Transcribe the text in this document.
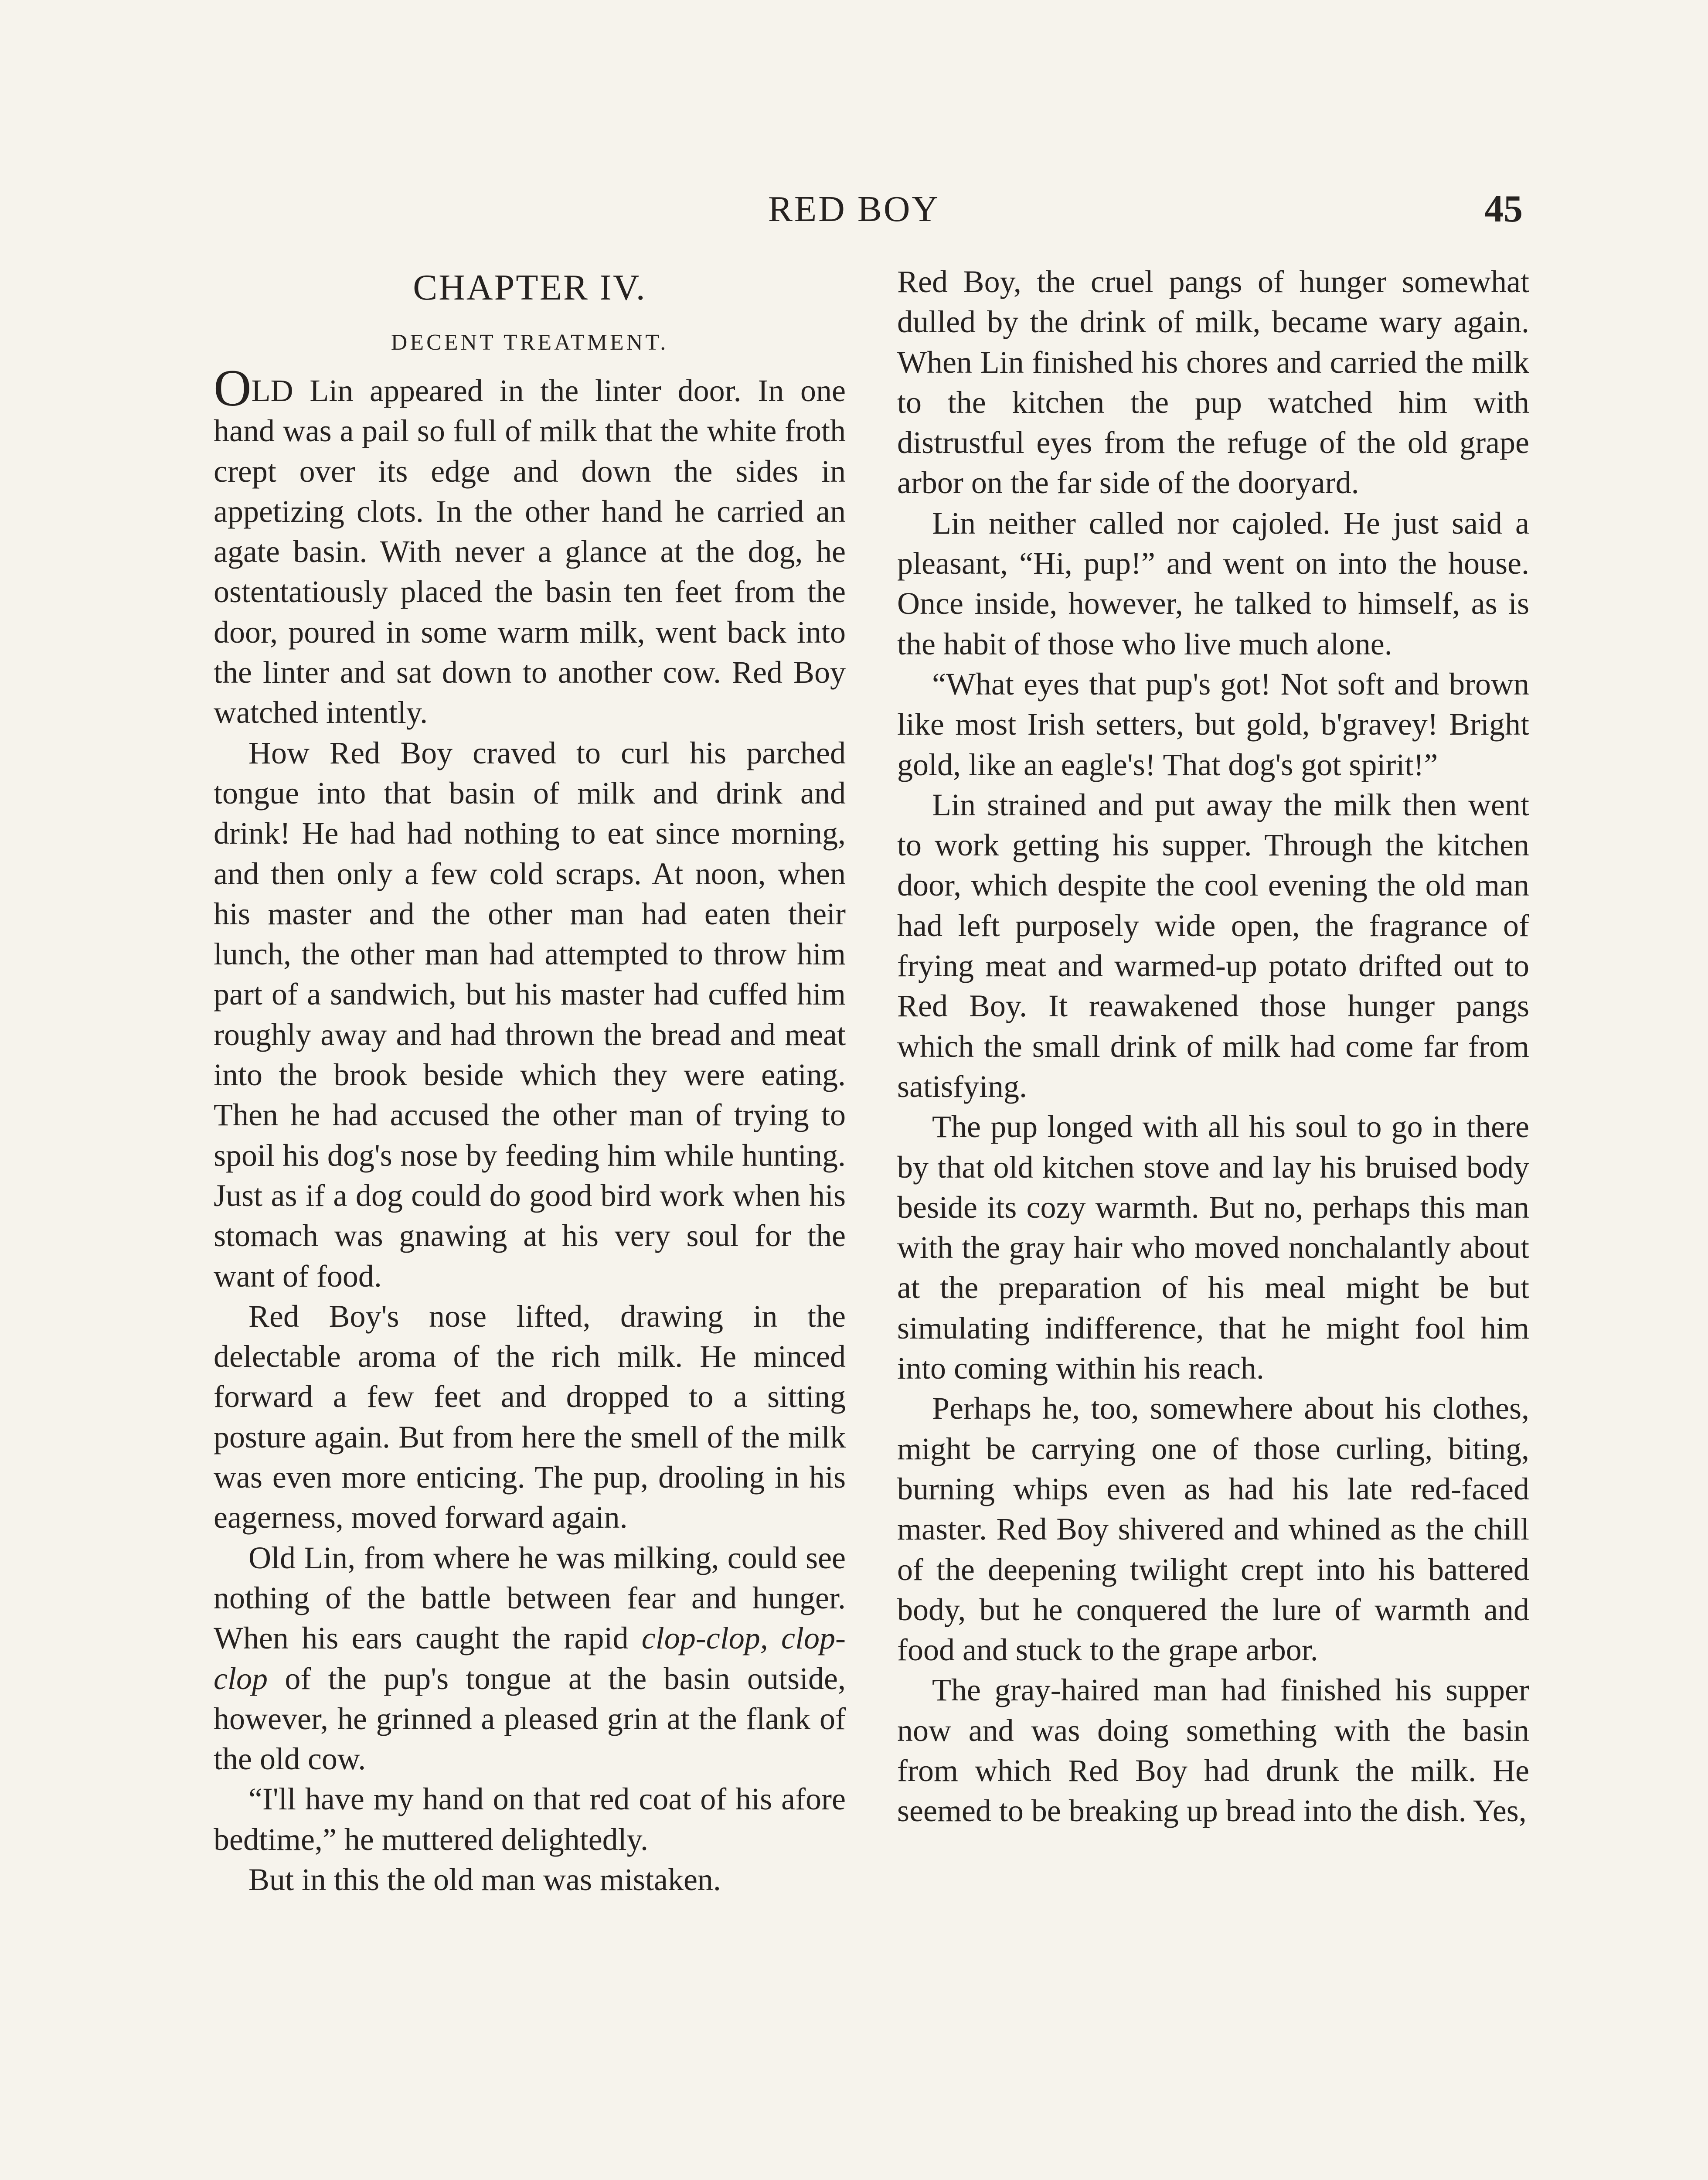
RED BOY	45
CHAPTER IV.
DECENT TREATMENT.

OLD Lin appeared in the linter door. In one hand was a pail so full of milk that the white froth crept over its edge and down the sides in appetizing clots. In the other hand he carried an agate basin. With never a glance at the dog, he ostentatiously placed the basin ten feet from the door, poured in some warm milk, went back into the linter and sat down to another cow. Red Boy watched intently.

How Red Boy craved to curl his parched tongue into that basin of milk and drink and drink! He had had nothing to eat since morning, and then only a few cold scraps. At noon, when his master and the other man had eaten their lunch, the other man had attempted to throw him part of a sandwich, but his master had cuffed him roughly away and had thrown the bread and meat into the brook beside which they were eating. Then he had accused the other man of trying to spoil his dog's nose by feeding him while hunting. Just as if a dog could do good bird work when his stomach was gnawing at his very soul for the want of food.

Red Boy's nose lifted, drawing in the delectable aroma of the rich milk. He minced forward a few feet and dropped to a sitting posture again. But from here the smell of the milk was even more enticing. The pup, drooling in his eagerness, moved forward again.

Old Lin, from where he was milking, could see nothing of the battle between fear and hunger. When his ears caught the rapid clop-clop, clop-clop of the pup's tongue at the basin outside, however, he grinned a pleased grin at the flank of the old cow.

“I'll have my hand on that red coat of his afore bedtime,” he muttered delightedly.

But in this the old man was mistaken.

Red Boy, the cruel pangs of hunger somewhat dulled by the drink of milk, became wary again. When Lin finished his chores and carried the milk to the kitchen the pup watched him with distrustful eyes from the refuge of the old grape arbor on the far side of the dooryard.

Lin neither called nor cajoled. He just said a pleasant, “Hi, pup!” and went on into the house. Once inside, however, he talked to himself, as is the habit of those who live much alone.

“What eyes that pup's got! Not soft and brown like most Irish setters, but gold, b'gravey! Bright gold, like an eagle's! That dog's got spirit!”

Lin strained and put away the milk then went to work getting his supper. Through the kitchen door, which despite the cool evening the old man had left purposely wide open, the fragrance of frying meat and warmed-up potato drifted out to Red Boy. It reawakened those hunger pangs which the small drink of milk had come far from satisfying.

The pup longed with all his soul to go in there by that old kitchen stove and lay his bruised body beside its cozy warmth. But no, perhaps this man with the gray hair who moved nonchalantly about at the preparation of his meal might be but simulating indifference, that he might fool him into coming within his reach.

Perhaps he, too, somewhere about his clothes, might be carrying one of those curling, biting, burning whips even as had his late red-faced master. Red Boy shivered and whined as the chill of the deepening twilight crept into his battered body, but he conquered the lure of warmth and food and stuck to the grape arbor.

The gray-haired man had finished his supper now and was doing something with the basin from which Red Boy had drunk the milk. He seemed to be breaking up bread into the dish. Yes,
